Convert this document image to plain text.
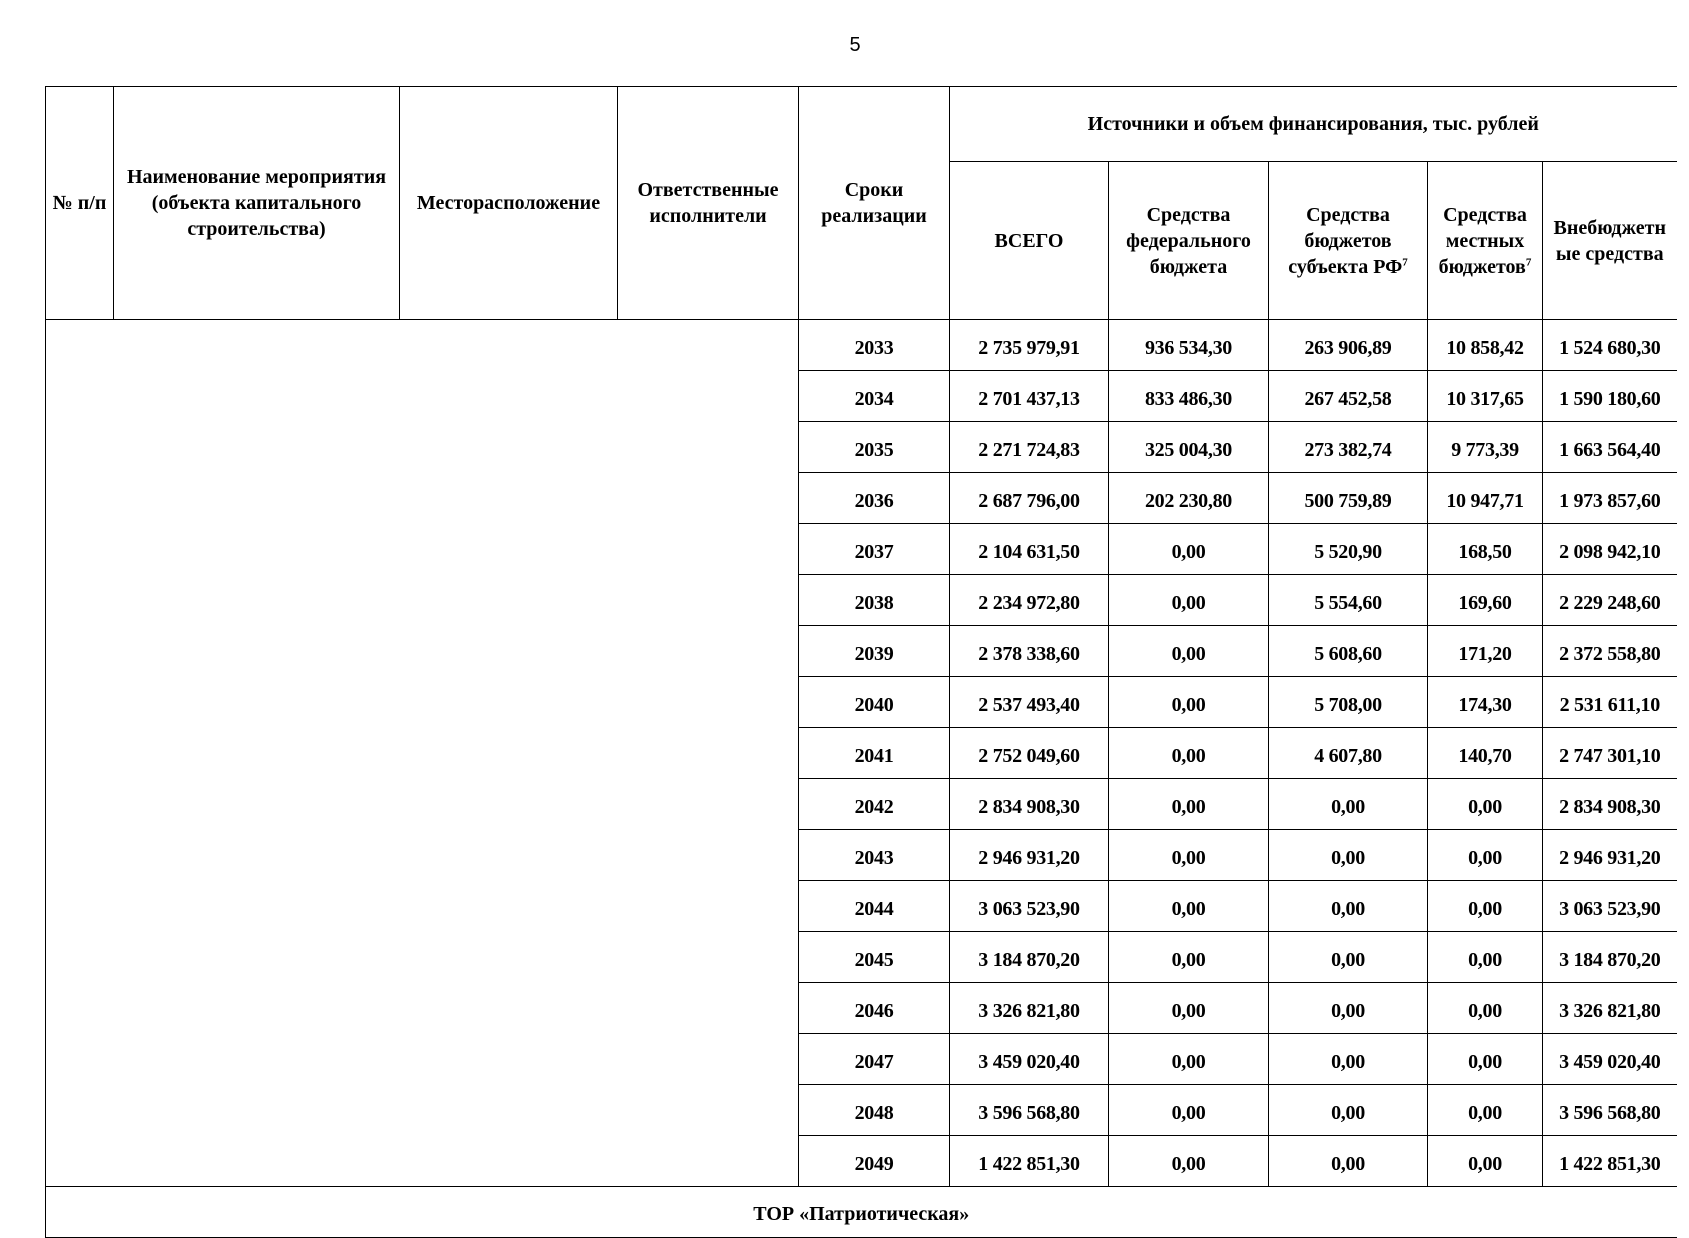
5
№ п/п	Наименование мероприятия (объекта капитального строительства)	Месторасположение	Ответственные исполнители	Сроки реализации	Источники и объем финансирования, тыс. рублей				
					ВСЕГО	Средства федерального бюджета	Средства бюджетов субъекта $РФ^7$	Средства местных бюджетов$^7$	Внебюджетн ые средства
				2033	2 735 979,91	936 534,30	263 906,89	10 858,42	1 524 680,30
				2034	2 701 437,13	833 486,30	267 452,58	10 317,65	1 590 180,60
				2035	2 271 724,83	325 004,30	273 382,74	9 773,39	1 663 564,40
				2036	2 687 796,00	202 230,80	500 759,89	10 947,71	1 973 857,60
				2037	2 104 631,50	0,00	5 520,90	168,50	2 098 942,10
				2038	2 234 972,80	0,00	5 554,60	169,60	2 229 248,60
				2039	2 378 338,60	0,00	5 608,60	171,20	2 372 558,80
				2040	2 537 493,40	0,00	5 708,00	174,30	2 531 611,10
				2041	2 752 049,60	0,00	4 607,80	140,70	2 747 301,10
				2042	2 834 908,30	0,00	0,00	0,00	2 834 908,30
				2043	2 946 931,20	0,00	0,00	0,00	2 946 931,20
				2044	3 063 523,90	0,00	0,00	0,00	3 063 523,90
				2045	3 184 870,20	0,00	0,00	0,00	3 184 870,20
				2046	3 326 821,80	0,00	0,00	0,00	3 326 821,80
				2047	3 459 020,40	0,00	0,00	0,00	3 459 020,40
				2048	3 596 568,80	0,00	0,00	0,00	3 596 568,80
				2049	1 422 851,30	0,00	0,00	0,00	1 422 851,30
ТОР «Патриотическая»									
